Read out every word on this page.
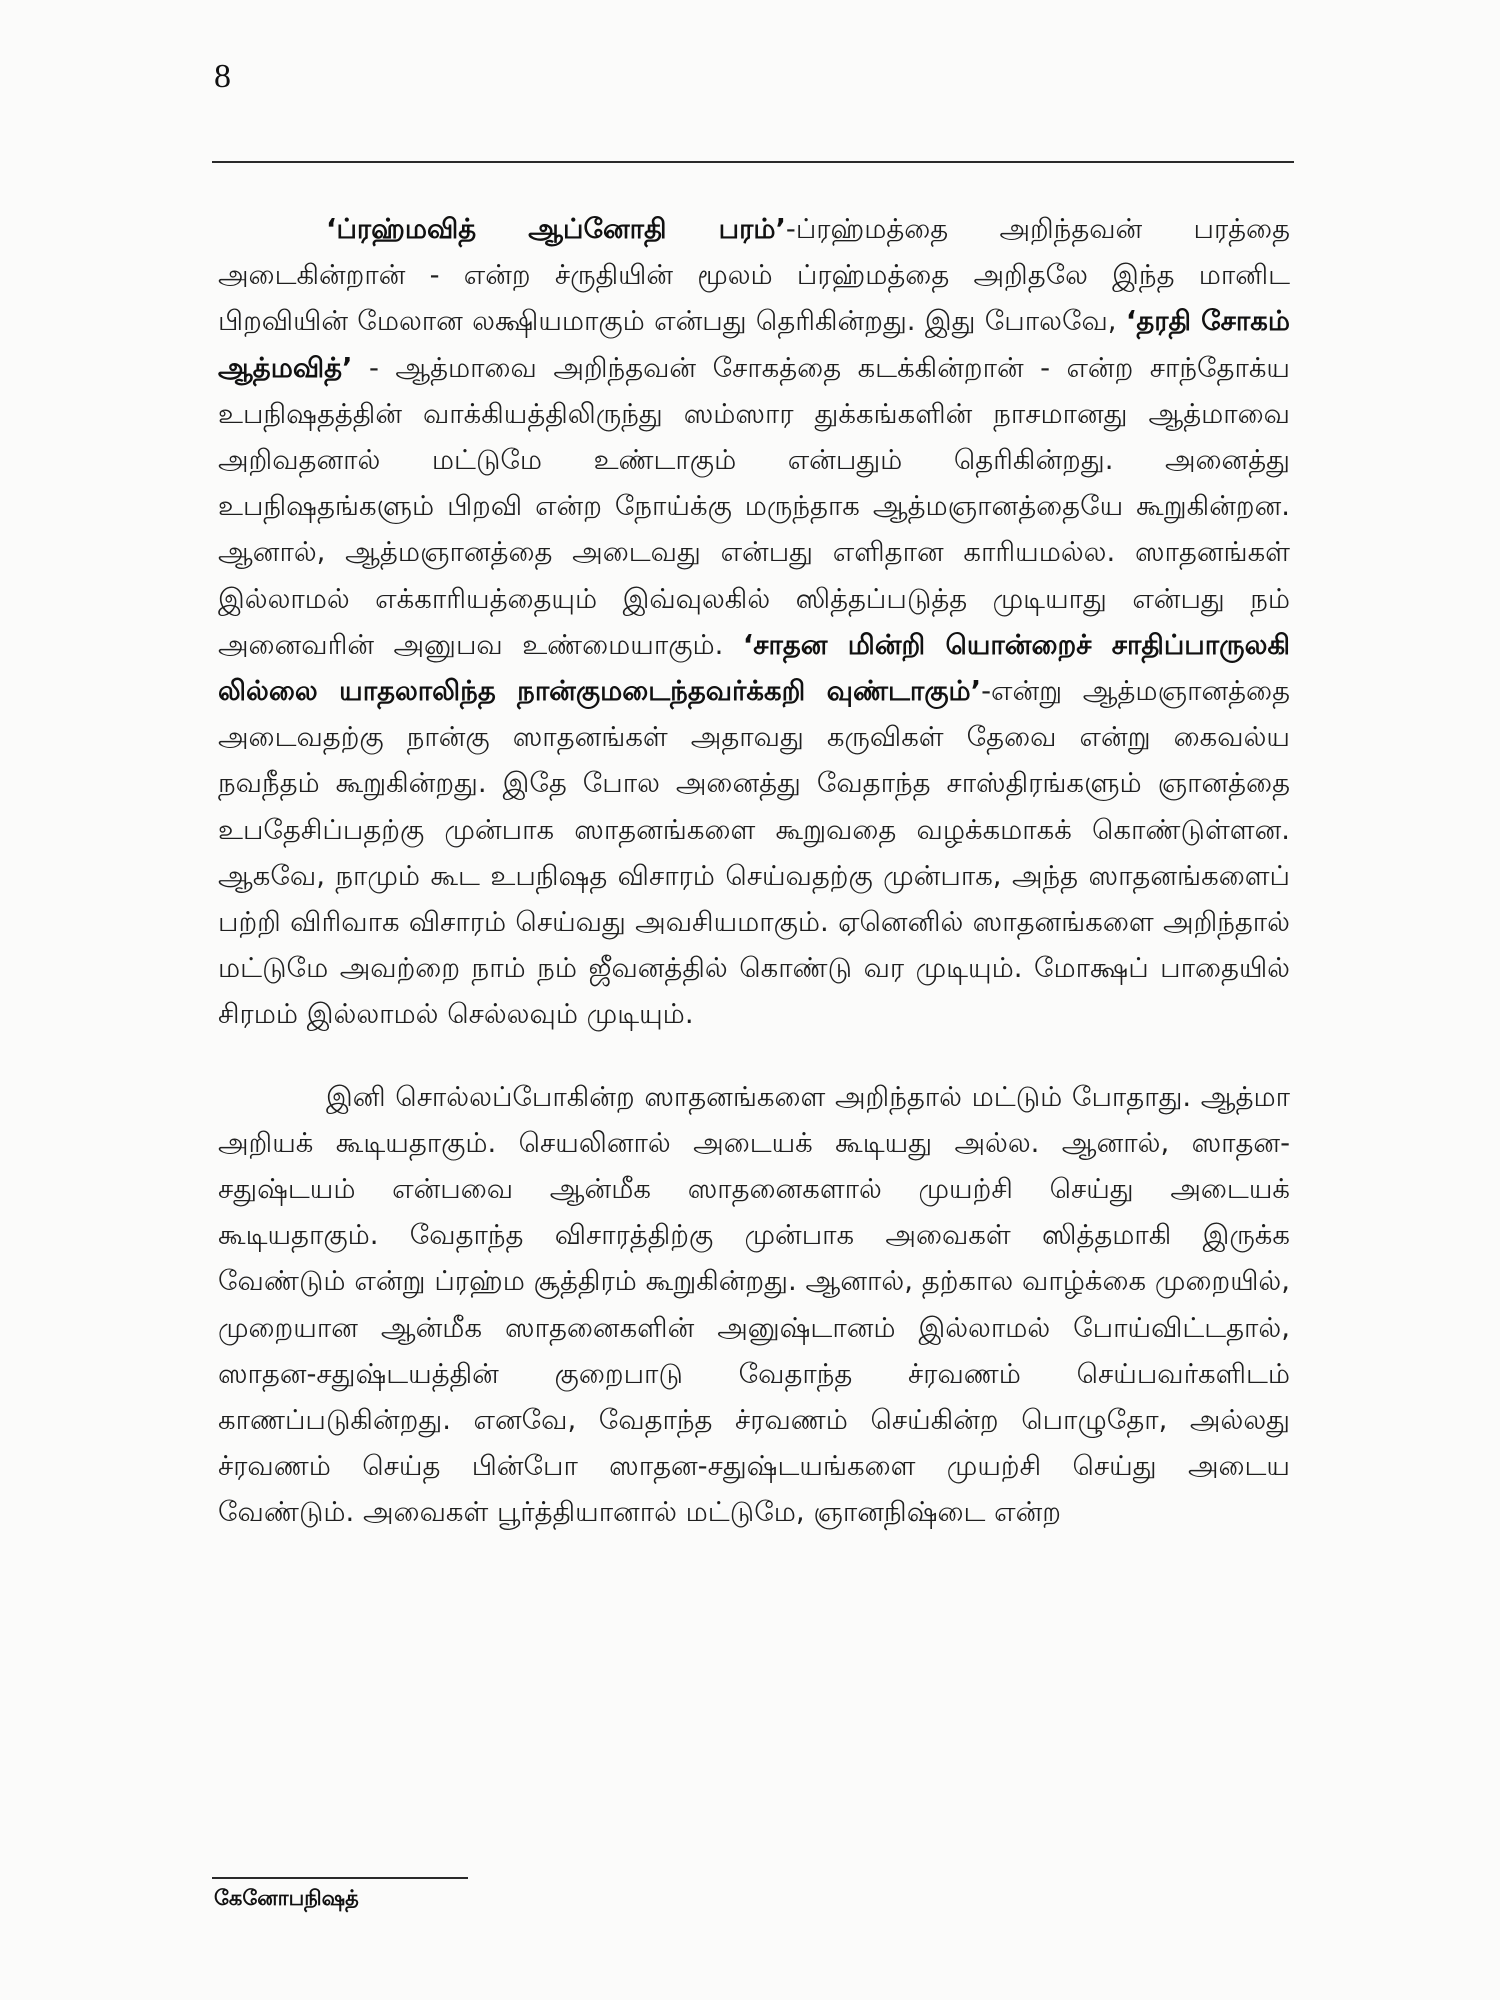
8

‘ப்ரஹ்மவித் ஆப்னோதி பரம்’-ப்ரஹ்மத்தை அறிந்தவன் பரத்தை அடைகின்றான் - என்ற ச்ருதியின் மூலம் ப்ரஹ்மத்தை அறிதலே இந்த மானிட பிறவியின் மேலான லக்ஷியமாகும் என்பது தெரிகின்றது. இது போலவே, ‘தரதி சோகம் ஆத்மவித்’ - ஆத்மாவை அறிந்தவன் சோகத்தை கடக்கின்றான் - என்ற சாந்தோக்ய உபநிஷதத்தின் வாக்கியத்திலிருந்து ஸம்ஸார துக்கங்களின் நாசமானது ஆத்மாவை அறிவதனால் மட்டுமே உண்டாகும் என்பதும் தெரிகின்றது. அனைத்து உபநிஷதங்களும் பிறவி என்ற நோய்க்கு மருந்தாக ஆத்மஞானத்தையே கூறுகின்றன. ஆனால், ஆத்மஞானத்தை அடைவது என்பது எளிதான காரியமல்ல. ஸாதனங்கள் இல்லாமல் எக்காரியத்தையும் இவ்வுலகில் ஸித்தப்படுத்த முடியாது என்பது நம் அனைவரின் அனுபவ உண்மையாகும். ‘சாதன மின்றி யொன்றைச் சாதிப்பாருலகி லில்லை யாதலாலிந்த நான்குமடைந்தவர்க்கறி வுண்டாகும்’-என்று ஆத்மஞானத்தை அடைவதற்கு நான்கு ஸாதனங்கள் அதாவது கருவிகள் தேவை என்று கைவல்ய நவநீதம் கூறுகின்றது. இதே போல அனைத்து வேதாந்த சாஸ்திரங்களும் ஞானத்தை உபதேசிப்பதற்கு முன்பாக ஸாதனங்களை கூறுவதை வழக்கமாகக் கொண்டுள்ளன. ஆகவே, நாமும் கூட உபநிஷத விசாரம் செய்வதற்கு முன்பாக, அந்த ஸாதனங்களைப் பற்றி விரிவாக விசாரம் செய்வது அவசியமாகும். ஏனெனில் ஸாதனங்களை அறிந்தால் மட்டுமே அவற்றை நாம் நம் ஜீவனத்தில் கொண்டு வர முடியும். மோக்ஷப் பாதையில் சிரமம் இல்லாமல் செல்லவும் முடியும்.

இனி சொல்லப்போகின்ற ஸாதனங்களை அறிந்தால் மட்டும் போதாது. ஆத்மா அறியக் கூடியதாகும். செயலினால் அடையக் கூடியது அல்ல. ஆனால், ஸாதன-சதுஷ்டயம் என்பவை ஆன்மீக ஸாதனைகளால் முயற்சி செய்து அடையக் கூடியதாகும். வேதாந்த விசாரத்திற்கு முன்பாக அவைகள் ஸித்தமாகி இருக்க வேண்டும் என்று ப்ரஹ்ம சூத்திரம் கூறுகின்றது. ஆனால், தற்கால வாழ்க்கை முறையில், முறையான ஆன்மீக ஸாதனைகளின் அனுஷ்டானம் இல்லாமல் போய்விட்டதால், ஸாதன-சதுஷ்டயத்தின் குறைபாடு வேதாந்த ச்ரவணம் செய்பவர்களிடம் காணப்படுகின்றது. எனவே, வேதாந்த ச்ரவணம் செய்கின்ற பொழுதோ, அல்லது ச்ரவணம் செய்த பின்போ ஸாதன-சதுஷ்டயங்களை முயற்சி செய்து அடைய வேண்டும். அவைகள் பூர்த்தியானால் மட்டுமே, ஞானநிஷ்டை என்ற

கேனோபநிஷத்
